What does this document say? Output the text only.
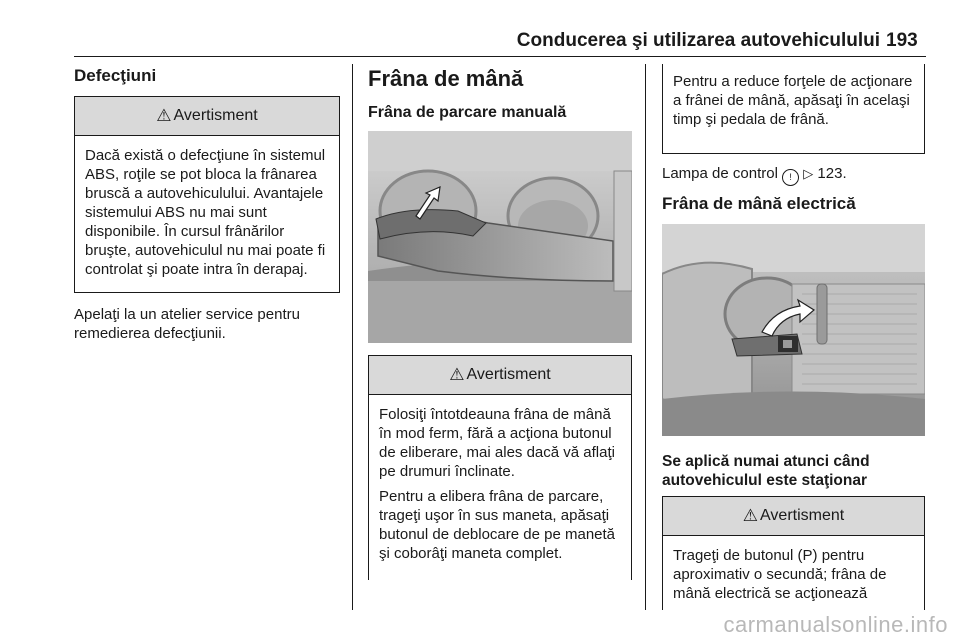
Conducerea şi utilizarea autovehiculului 193
Defecţiuni
⚠ Avertisment
Dacă există o defecţiune în sistemul ABS, roţile se pot bloca la frânarea bruscă a autovehiculului. Avantajele sistemului ABS nu mai sunt disponibile. În cursul frânărilor bruşte, autovehiculul nu mai poate fi controlat şi poate intra în derapaj.
Apelaţi la un atelier service pentru remedierea defecţiunii.
Frâna de mână
Frâna de parcare manuală
⚠ Avertisment

Folosiţi întotdeauna frâna de mână în mod ferm, fără a acţiona butonul de eliberare, mai ales dacă vă aflaţi pe drumuri înclinate.

Pentru a elibera frâna de parcare, trageţi uşor în sus maneta, apăsaţi butonul de deblocare de pe manetă şi coborâţi maneta complet.

Pentru a reduce forţele de acţionare a frânei de mână, apăsaţi în acelaşi timp şi pedala de frână.
Lampa de control ! ▷ 123.
Frâna de mână electrică
Se aplică numai atunci când autovehiculul este staţionar
⚠ Avertisment
Trageţi de butonul (P) pentru aproximativ o secundă; frâna de mână electrică se acţionează
carmanualsonline.info
